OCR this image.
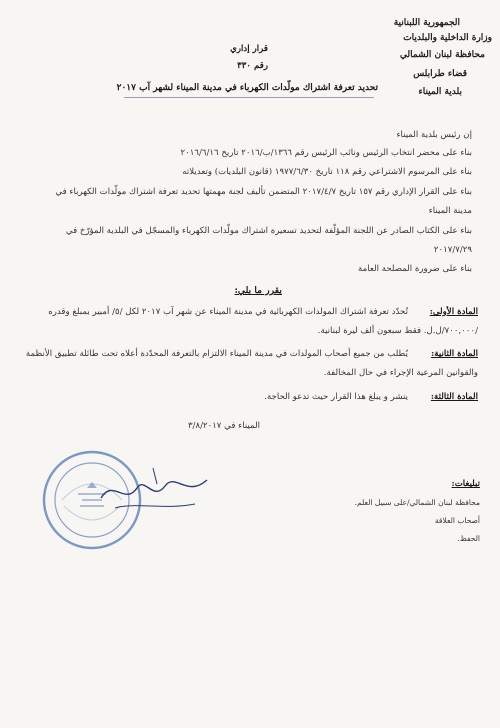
الجمهورية اللبنانية
وزارة الداخلية والبلديات
محافظة لبنان الشمالي
قضاء طرابلس
بلدية الميناء
قرار إداري
رقم ٣٣٠
تحديد تعرفة اشتراك مولّدات الكهرباء في مدينة الميناء لشهر آب ٢٠١٧
إن رئيس بلدية الميناء
بناء على محضر انتخاب الرئيس ونائب الرئيس رقم ١٣٦٦/ب/٢٠١٦ تاريخ ٢٠١٦/٦/١٦
بناء على المرسوم الاشتراعي رقم ١١٨ تاريخ ١٩٧٧/٦/٣٠ (قانون البلديات) وتعديلاته
بناء على القرار الإداري رقم ١٥٧ تاريخ ٢٠١٧/٤/٧ المتضمن تأليف لجنة مهمتها تحديد تعرفة اشتراك مولّدات الكهرباء في
مدينة الميناء
بناء على الكتاب الصادر عن اللجنة المؤلّفة لتحديد تسعيرة اشتراك مولّدات الكهرباء والمسجّل في البلدية المؤرّخ في
٢٠١٧/٧/٢٩
بناء على ضرورة المصلحة العامة
يقرر ما يلي:
المادة الأولى:
تُحدّد تعرفة اشتراك المولدات الكهربائية في مدينة الميناء عن شهر آب ٢٠١٧ لكل /٥/ أمبير بمبلغ وقدره
/٧٠٠,٠٠٠/ل.ل. فقط سبعون ألف ليرة لبنانية.
المادة الثانية:
يُطلب من جميع أصحاب المولدات في مدينة الميناء الالتزام بالتعرفة المحدّدة أعلاه تحت طائلة تطبيق الأنظمة
والقوانين المرعية الإجراء في حال المخالفة.
المادة الثالثة:
ينشر و يبلغ هذا القرار حيث تدعو الحاجة.
الميناء في ٣/٨/٢٠١٧
تبليغات:
محافظة لبنان الشمالي/على سبيل العلم.
أصحاب العلاقة
الحفظ.
